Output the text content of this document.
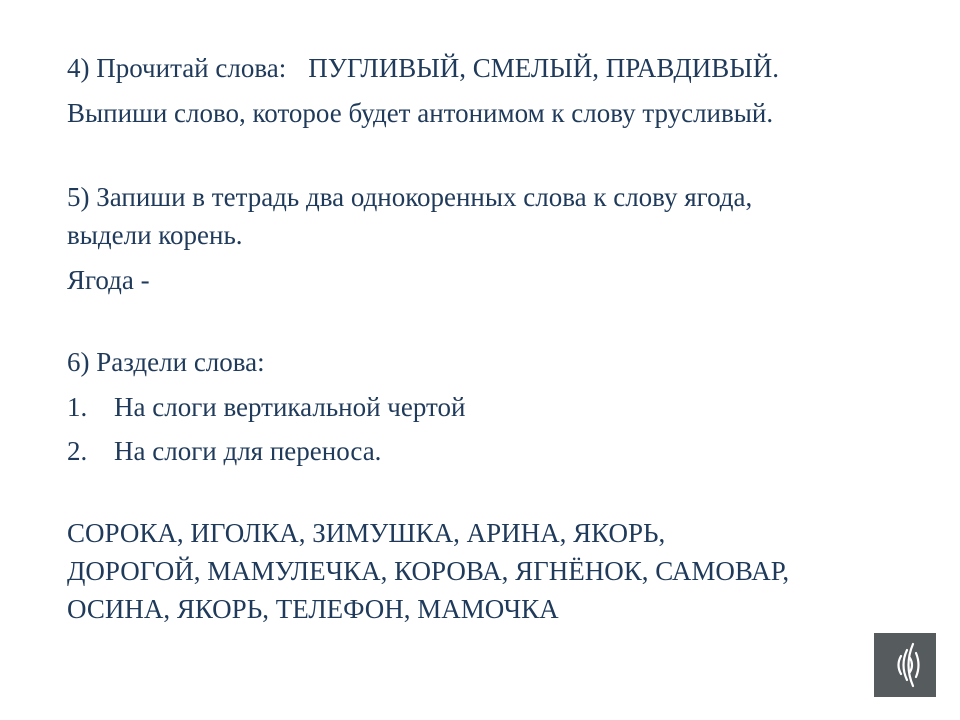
4) Прочитай слова: ПУГЛИВЫЙ, СМЕЛЫЙ, ПРАВДИВЫЙ.
Выпиши слово, которое будет антонимом к слову трусливый.
5) Запиши в тетрадь два однокоренных слова к слову ягода,
выдели корень.
Ягода -
6) Раздели слова:
1. На слоги вертикальной чертой
2. На слоги для переноса.
СОРОКА, ИГОЛКА, ЗИМУШКА, АРИНА, ЯКОРЬ,
ДОРОГОЙ, МАМУЛЕЧКА, КОРОВА, ЯГНЁНОК, САМОВАР,
ОСИНА, ЯКОРЬ, ТЕЛЕФОН, МАМОЧКА
